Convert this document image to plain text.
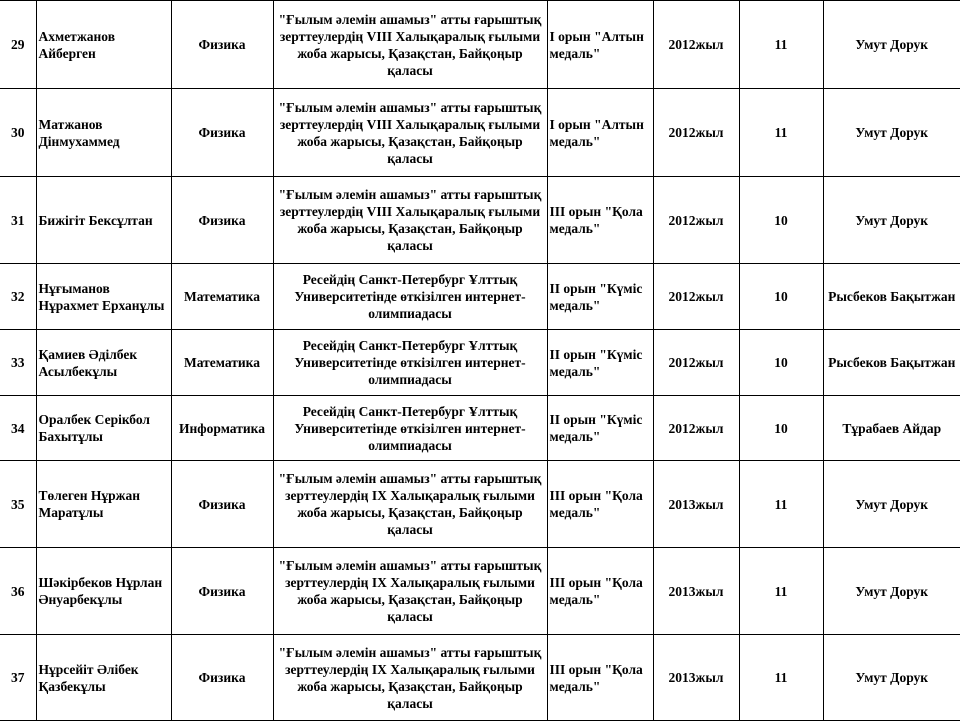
29	Ахметжанов Айберген	Физика	"Ғылым әлемін ашамыз" атты ғарыштық зерттеулердің VIII Халықаралық ғылыми жоба жарысы, Қазақстан, Байқоңыр қаласы	I орын "Алтын медаль"	2012жыл	11	Умут Дорук
30	Матжанов Дінмухаммед	Физика	"Ғылым әлемін ашамыз" атты ғарыштық зерттеулердің VIII Халықаралық ғылыми жоба жарысы, Қазақстан, Байқоңыр қаласы	I орын "Алтын медаль"	2012жыл	11	Умут Дорук
31	Бижігіт Бексұлтан	Физика	"Ғылым әлемін ашамыз" атты ғарыштық зерттеулердің VIII Халықаралық ғылыми жоба жарысы, Қазақстан, Байқоңыр қаласы	III орын "Қола медаль"	2012жыл	10	Умут Дорук
32	Нұғыманов Нұрахмет Ерханұлы	Математика	Ресейдің Санкт-Петербург Ұлттық Университетінде өткізілген интернет-олимпиадасы	II орын "Күміс медаль"	2012жыл	10	Рысбеков Бақытжан
33	Қамиев Әділбек Асылбекұлы	Математика	Ресейдің Санкт-Петербург Ұлттық Университетінде өткізілген интернет-олимпиадасы	II орын "Күміс медаль"	2012жыл	10	Рысбеков Бақытжан
34	Оралбек Серікбол Бахытұлы	Информатика	Ресейдің Санкт-Петербург Ұлттық Университетінде өткізілген интернет-олимпиадасы	II орын "Күміс медаль"	2012жыл	10	Тұрабаев Айдар
35	Төлеген Нұржан Маратұлы	Физика	"Ғылым әлемін ашамыз" атты ғарыштық зерттеулердің IX Халықаралық ғылыми жоба жарысы, Қазақстан, Байқоңыр қаласы	III орын "Қола медаль"	2013жыл	11	Умут Дорук
36	Шәкірбеков Нұрлан Әнуарбекұлы	Физика	"Ғылым әлемін ашамыз" атты ғарыштық зерттеулердің IX Халықаралық ғылыми жоба жарысы, Қазақстан, Байқоңыр қаласы	III орын "Қола медаль"	2013жыл	11	Умут Дорук
37	Нұрсейіт Әлібек Қазбекұлы	Физика	"Ғылым әлемін ашамыз" атты ғарыштық зерттеулердің IX Халықаралық ғылыми жоба жарысы, Қазақстан, Байқоңыр қаласы	III орын "Қола медаль"	2013жыл	11	Умут Дорук
